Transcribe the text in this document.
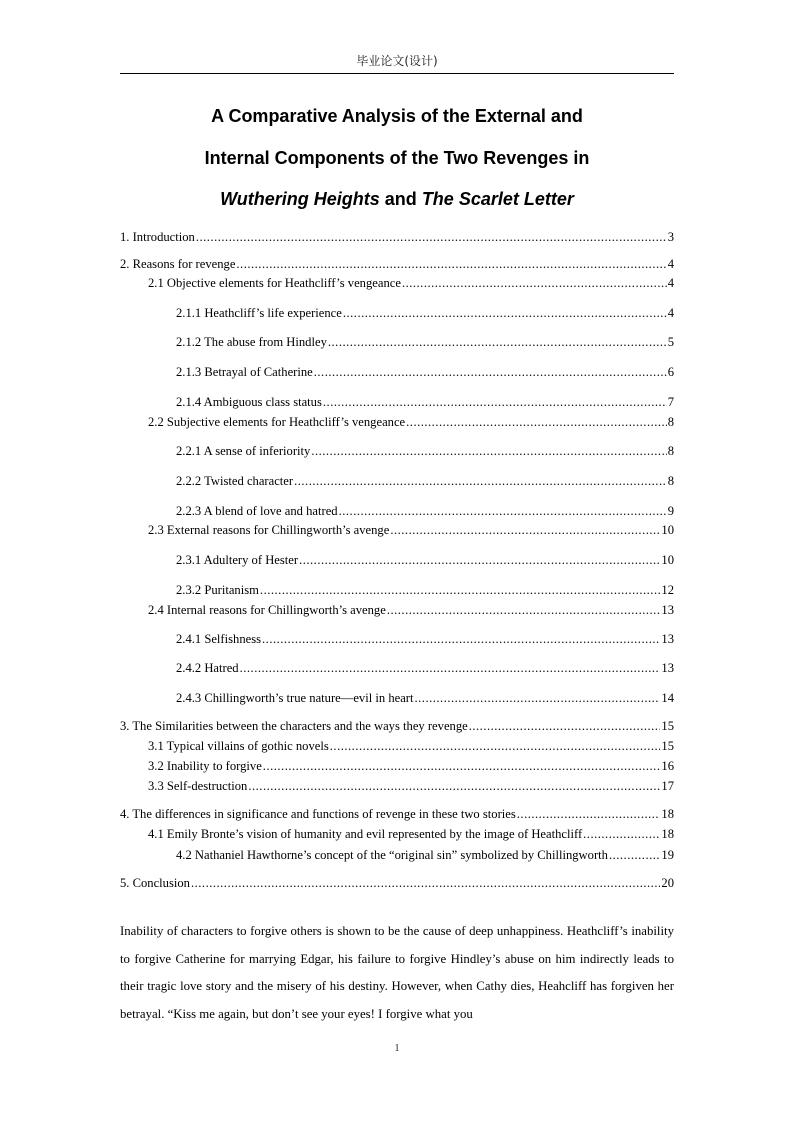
毕业论文(设计)
A Comparative Analysis of the External and
Internal Components of the Two Revenges in
Wuthering Heights and The Scarlet Letter
1. Introduction .....	3
2. Reasons for revenge .....	4
2.1 Objective elements for Heathcliff’s vengeance .....	4
2.1.1 Heathcliff’s life experience .....	4
2.1.2 The abuse from Hindley .....	5
2.1.3 Betrayal of Catherine .....	6
2.1.4 Ambiguous class status .....	7
2.2 Subjective elements for Heathcliff’s vengeance .....	8
2.2.1 A sense of inferiority .....	8
2.2.2 Twisted character .....	8
2.2.3 A blend of love and hatred .....	9
2.3 External reasons for Chillingworth’s avenge .....	10
2.3.1 Adultery of Hester .....	10
2.3.2 Puritanism .....	12
2.4 Internal reasons for Chillingworth’s avenge .....	13
2.4.1 Selfishness .....	13
2.4.2 Hatred .....	13
2.4.3 Chillingworth’s true nature—evil in heart .....	14
3. The Similarities between the characters and the ways they revenge .....	15
3.1 Typical villains of gothic novels .....	15
3.2 Inability to forgive .....	16
3.3 Self-destruction .....	17
4. The differences in significance and functions of revenge in these two stories .....	18
4.1 Emily Bronte’s vision of humanity and evil represented by the image of Heathcliff .....	18
4.2 Nathaniel Hawthorne’s concept of the “original sin” symbolized by Chillingworth .....	19
5. Conclusion .....	20
Inability of characters to forgive others is shown to be the cause of deep unhappiness. Heathcliff’s inability to forgive Catherine for marrying Edgar, his failure to forgive Hindley’s abuse on him indirectly leads to their tragic love story and the misery of his destiny. However, when Cathy dies, Heahcliff has forgiven her betrayal. “Kiss me again, but don’t see your eyes! I forgive what you
1
